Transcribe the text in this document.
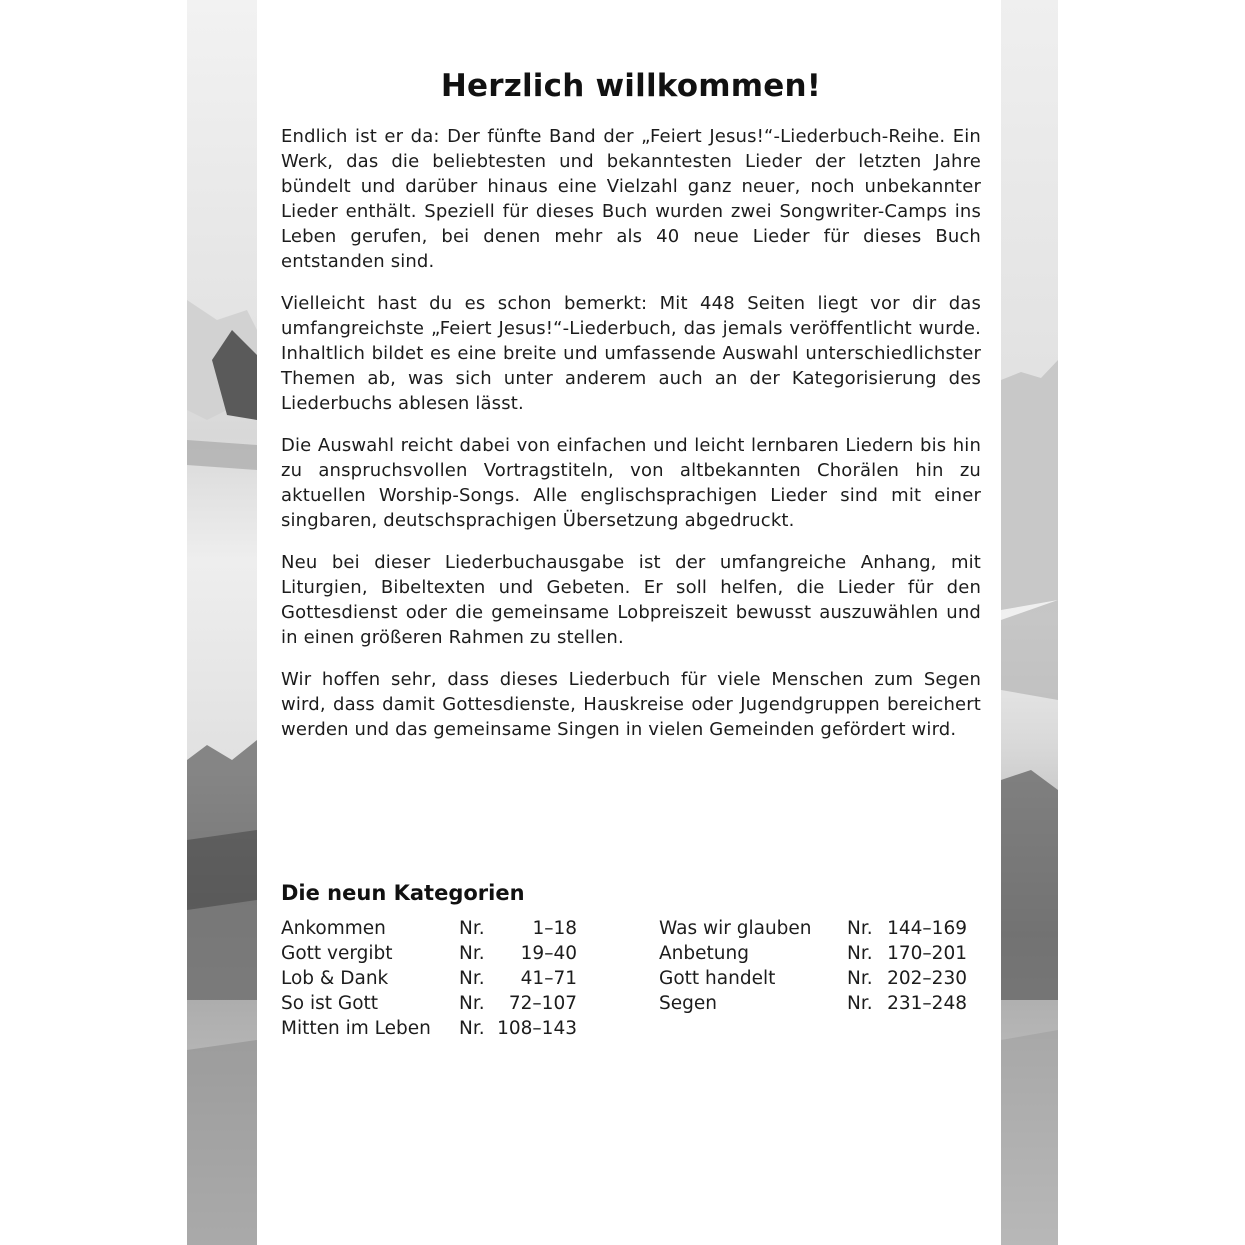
Herzlich willkommen!

Endlich ist er da: Der fünfte Band der „Feiert Jesus!“-Liederbuch-Reihe. Ein Werk, das die beliebtesten und bekanntesten Lieder der letzten Jahre bündelt und darüber hinaus eine Vielzahl ganz neuer, noch unbekannter Lieder enthält. Speziell für dieses Buch wurden zwei Songwriter-Camps ins Leben gerufen, bei denen mehr als 40 neue Lieder für dieses Buch entstanden sind.

Vielleicht hast du es schon bemerkt: Mit 448 Seiten liegt vor dir das umfangreichste „Feiert Jesus!“-Liederbuch, das jemals veröffentlicht wurde. Inhaltlich bildet es eine breite und umfassende Auswahl unterschiedlichster Themen ab, was sich unter anderem auch an der Kategorisierung des Liederbuchs ablesen lässt.

Die Auswahl reicht dabei von einfachen und leicht lernbaren Liedern bis hin zu anspruchsvollen Vortragstiteln, von altbekannten Chorälen hin zu aktuellen Worship-Songs. Alle englischsprachigen Lieder sind mit einer singbaren, deutschsprachigen Übersetzung abgedruckt.

Neu bei dieser Liederbuchausgabe ist der umfangreiche Anhang, mit Liturgien, Bibeltexten und Gebeten. Er soll helfen, die Lieder für den Gottesdienst oder die gemeinsame Lobpreiszeit bewusst auszuwählen und in einen größeren Rahmen zu stellen.

Wir hoffen sehr, dass dieses Liederbuch für viele Menschen zum Segen wird, dass damit Gottesdienste, Hauskreise oder Jugendgruppen bereichert werden und das gemeinsame Singen in vielen Gemeinden gefördert wird.

Die neun Kategorien
Ankommen	Nr.	1–18
Gott vergibt	Nr.	19–40
Lob & Dank	Nr.	41–71
So ist Gott	Nr.	72–107
Mitten im Leben	Nr. 108–143
Was wir glauben	Nr. 144–169
Anbetung	Nr. 170–201
Gott handelt	Nr. 202–230
Segen	Nr. 231–248
